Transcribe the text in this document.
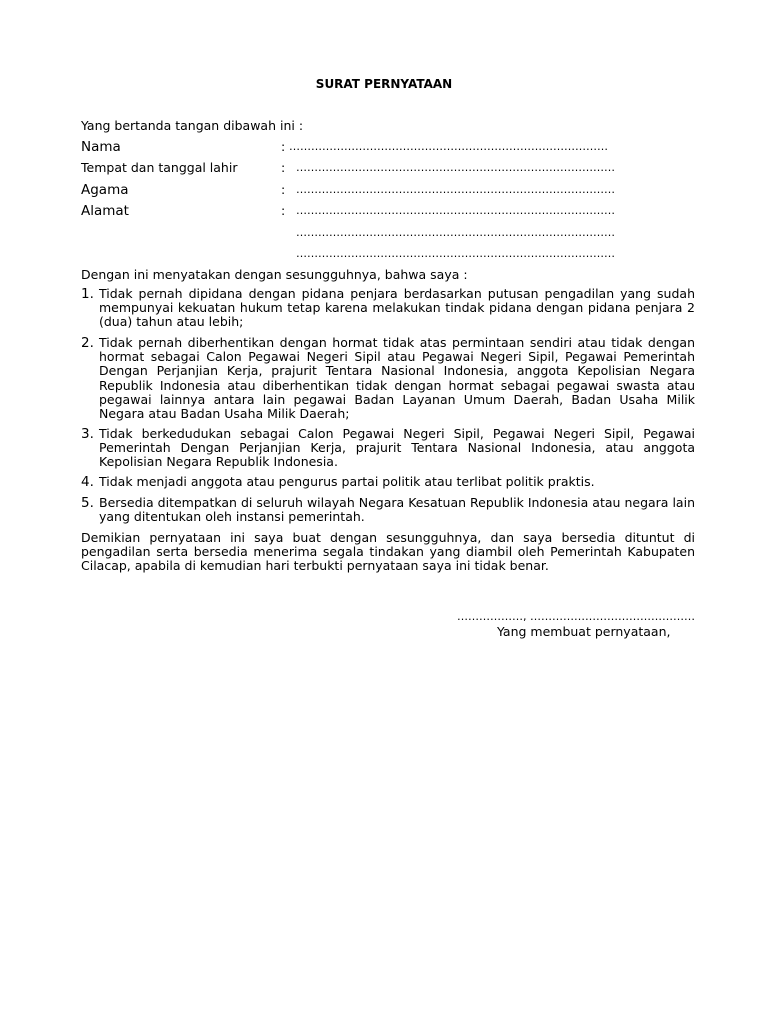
SURAT PERNYATAAN
Yang bertanda tangan dibawah ini :
Nama	: ……………………………………………………………………………
Tempat dan tanggal lahir	: ……………………………………………………………………………
Agama	: ……………………………………………………………………………
Alamat	: ……………………………………………………………………………
……………………………………………………………………………
……………………………………………………………………………
Dengan ini menyatakan dengan sesungguhnya, bahwa saya :

1. Tidak pernah dipidana dengan pidana penjara berdasarkan putusan pengadilan yang sudah mempunyai kekuatan hukum tetap karena melakukan tindak pidana dengan pidana penjara 2 (dua) tahun atau lebih;

2. Tidak pernah diberhentikan dengan hormat tidak atas permintaan sendiri atau tidak dengan hormat sebagai Calon Pegawai Negeri Sipil atau Pegawai Negeri Sipil, Pegawai Pemerintah Dengan Perjanjian Kerja, prajurit Tentara Nasional Indonesia, anggota Kepolisian Negara Republik Indonesia atau diberhentikan tidak dengan hormat sebagai pegawai swasta atau pegawai lainnya antara lain pegawai Badan Layanan Umum Daerah, Badan Usaha Milik Negara atau Badan Usaha Milik Daerah;

3. Tidak berkedudukan sebagai Calon Pegawai Negeri Sipil, Pegawai Negeri Sipil, Pegawai Pemerintah Dengan Perjanjian Kerja, prajurit Tentara Nasional Indonesia, atau anggota Kepolisian Negara Republik Indonesia.

4. Tidak menjadi anggota atau pengurus partai politik atau terlibat politik praktis.

5. Bersedia ditempatkan di seluruh wilayah Negara Kesatuan Republik Indonesia atau negara lain yang ditentukan oleh instansi pemerintah.

Demikian pernyataan ini saya buat dengan sesungguhnya, dan saya bersedia dituntut di pengadilan serta bersedia menerima segala tindakan yang diambil oleh Pemerintah Kabupaten Cilacap, apabila di kemudian hari terbukti pernyataan saya ini tidak benar.
………………, ………………………………………
Yang membuat pernyataan,
